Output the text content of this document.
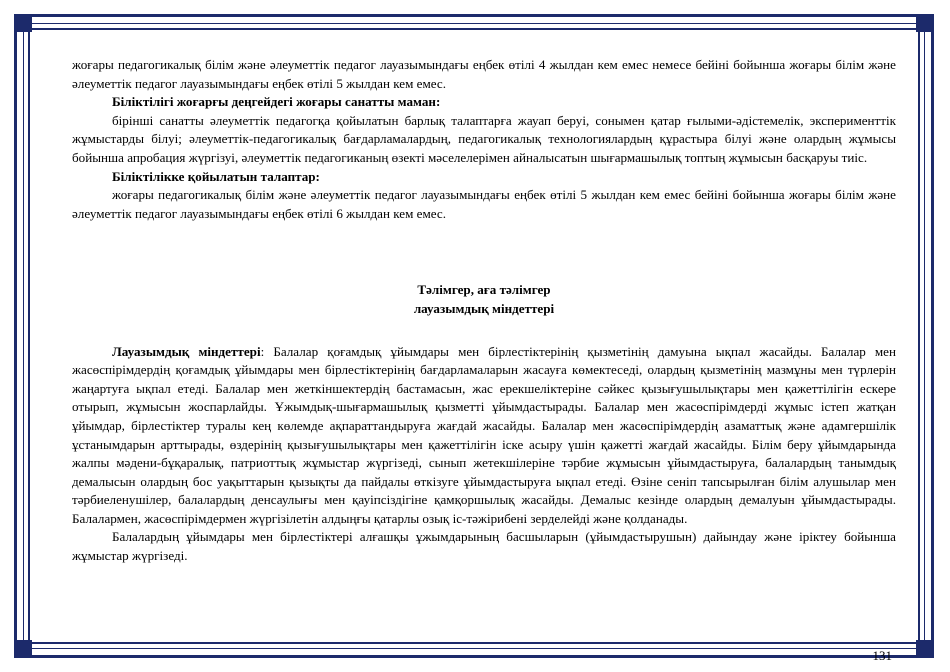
жоғары педагогикалық білім және әлеуметтік педагог лауазымындағы еңбек өтілі 4 жылдан кем емес немесе бейіні бойынша жоғары білім және әлеуметтік педагог лауазымындағы еңбек өтілі 5 жылдан кем емес.

Біліктілігі жоғарғы деңгейдегі жоғары санатты маман:

бірінші санатты әлеуметтік педагогқа қойылатын барлық талаптарға жауап беруі, сонымен қатар ғылыми-әдістемелік, эксперименттік жұмыстарды білуі; әлеуметтік-педагогикалық бағдарламалардың, педагогикалық технологиялардың құрастыра білуі және олардың жұмысы бойынша апробация жүргізуі, әлеуметтік педагогиканың өзекті мәселелерімен айналысатын шығармашылық топтың жұмысын басқаруы тиіс.

Біліктілікке қойылатын талаптар:

жоғары педагогикалық білім және әлеуметтік педагог лауазымындағы еңбек өтілі 5 жылдан кем емес бейіні бойынша жоғары білім және әлеуметтік педагог лауазымындағы еңбек өтілі 6 жылдан кем емес.

Тәлімгер, аға тәлімгер

лауазымдық міндеттері

Лауазымдық міндеттері: Балалар қоғамдық ұйымдары мен бірлестіктерінің қызметінің дамуына ықпал жасайды. Балалар мен жасөспірімдердің қоғамдық ұйымдары мен бірлестіктерінің бағдарламаларын жасауға көмектеседі, олардың қызметінің мазмұны мен түрлерін жаңартуға ықпал етеді. Балалар мен жеткіншектердің бастамасын, жас ерекшеліктеріне сәйкес қызығушылықтары мен қажеттілігін ескере отырып, жұмысын жоспарлайды. Ұжымдық-шығармашылық қызметті ұйымдастырады. Балалар мен жасөспірімдерді жұмыс істеп жатқан ұйымдар, бірлестіктер туралы кең көлемде ақпараттандыруға жағдай жасайды. Балалар мен жасөспірімдердің азаматтық және адамгершілік ұстанымдарын арттырады, өздерінің қызығушылықтары мен қажеттілігін іске асыру үшін қажетті жағдай жасайды. Білім беру ұйымдарында жалпы мәдени-бұқаралық, патриоттық жұмыстар жүргізеді, сынып жетекшілеріне тәрбие жұмысын ұйымдастыруға, балалардың танымдық демалысын олардың бос уақыттарын қызықты да пайдалы өткізуге ұйымдастыруға ықпал етеді. Өзіне сеніп тапсырылған білім алушылар мен тәрбиеленушілер, балалардың денсаулығы мен қауіпсіздігіне қамқоршылық жасайды. Демалыс кезінде олардың демалуын ұйымдастырады. Балалармен, жасөспірімдермен жүргізілетін алдыңғы қатарлы озық іс-тәжірибені зерделейді және қолданады.

Балалардың ұйымдары мен бірлестіктері алғашқы ұжымдарының басшыларын (ұйымдастырушын) дайындау және іріктеу бойынша жұмыстар жүргізеді.

131
